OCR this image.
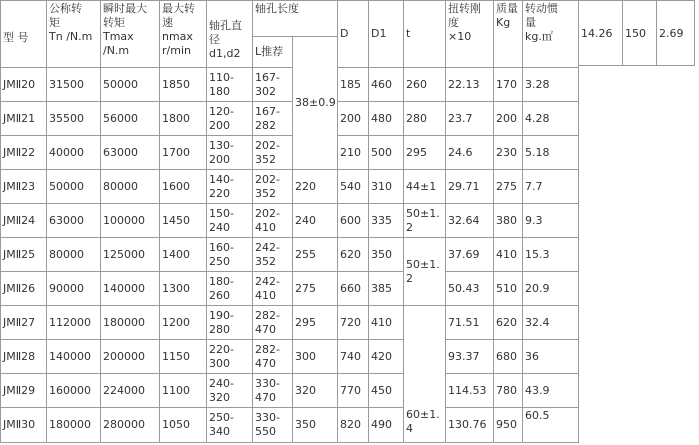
型 号	公称转
矩
Tn /N.m	瞬时最大
转矩
Tmax
/N.m	最大转
速
nmax
r/min	轴孔直
径
d1,d2	轴孔长度		D	D1	t	扭转刚
度
×10	质量
Kg	转动惯
量
kg.㎡

					L推荐	38±0.9						
JMⅡ20	31500	50000	1850	110-
180	167-
302		185	460	260	22.13	170	3.28
JMⅡ21	35500	56000	1800	120-
200	167-
282		200	480	280	23.7	200	4.28
JMⅡ22	40000	63000	1700	130-
200	202-
352		210	500	295	24.6	230	5.18
JMⅡ23	50000	80000	1600	140-
220	202-
352	220	540	310	44±1	29.71	275	7.7
JMⅡ24	63000	100000	1450	150-
240	202-
410	240	600	335	50±1.2	32.64	380	9.3
JMⅡ25	80000	125000	1400	160-
250	242-
352	255	620	350	50±1.2	37.69	410	15.3
JMⅡ26	90000	140000	1300	180-
260	242-
410	275	660	385		50.43	510	20.9
JMⅡ27	112000	180000	1200	190-
280	282-
470	295	720	410	60±1.4	71.51	620	32.4
JMⅡ28	140000	200000	1150	220-
300	282-
470	300	740	420		93.37	680	36
JMⅡ29	160000	224000	1100	240-
320	330-
470	320	770	450		114.53	780	43.9
JMⅡ30	180000	280000	1050	250-
340	330-
550	350	820	490		130.76	950	60.5
14.26	150	2.69
